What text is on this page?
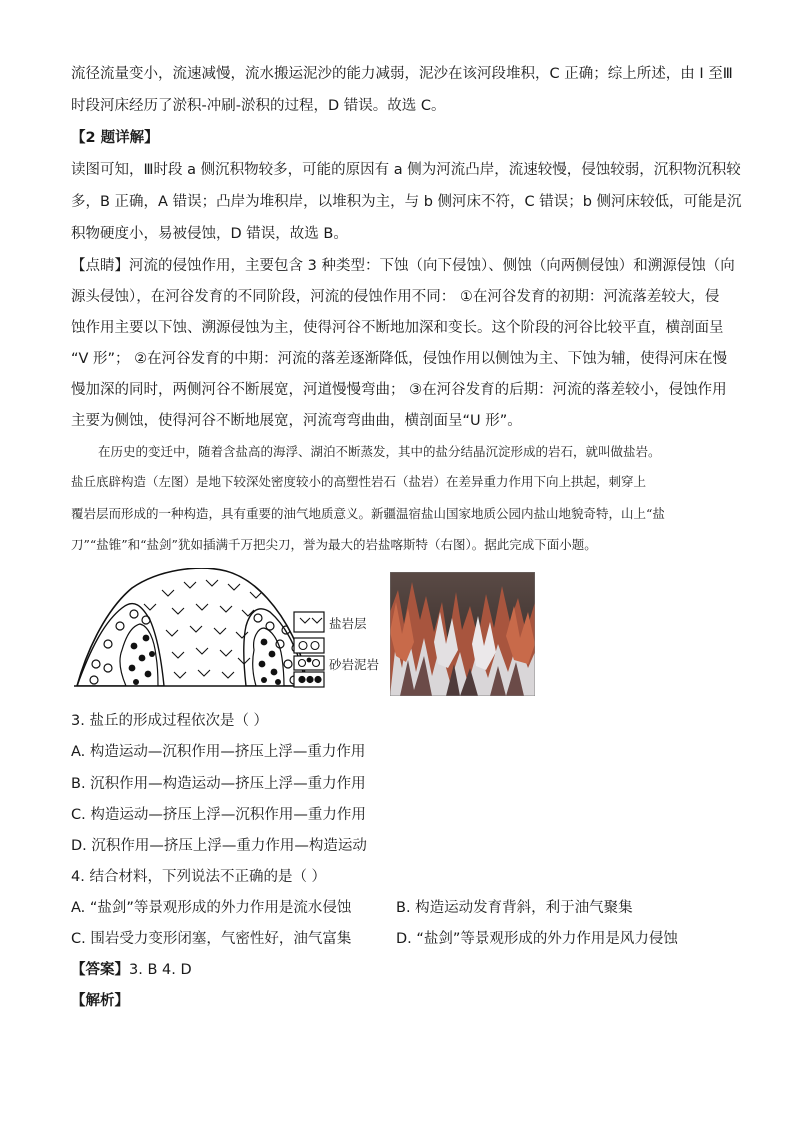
流径流量变小，流速减慢，流水搬运泥沙的能力减弱，泥沙在该河段堆积，C 正确；综上所述，由 I 至Ⅲ
时段河床经历了淤积-冲刷-淤积的过程，D 错误。故选 C。
【2 题详解】
读图可知，Ⅲ时段 a 侧沉积物较多，可能的原因有 a 侧为河流凸岸，流速较慢，侵蚀较弱，沉积物沉积较
多，B 正确，A 错误；凸岸为堆积岸，以堆积为主，与 b 侧河床不符，C 错误；b 侧河床较低，可能是沉
积物硬度小，易被侵蚀，D 错误，故选 B。
【点睛】河流的侵蚀作用，主要包含 3 种类型：下蚀（向下侵蚀）、侧蚀（向两侧侵蚀）和溯源侵蚀（向
源头侵蚀），在河谷发育的不同阶段，河流的侵蚀作用不同： ①在河谷发育的初期：河流落差较大，侵
蚀作用主要以下蚀、溯源侵蚀为主，使得河谷不断地加深和变长。这个阶段的河谷比较平直，横剖面呈
“V 形”； ②在河谷发育的中期：河流的落差逐渐降低，侵蚀作用以侧蚀为主、下蚀为辅，使得河床在慢
慢加深的同时，两侧河谷不断展宽，河道慢慢弯曲； ③在河谷发育的后期：河流的落差较小，侵蚀作用
主要为侧蚀，使得河谷不断地展宽，河流弯弯曲曲，横剖面呈“U 形”。
在历史的变迁中，随着含盐高的海浮、湖泊不断蒸发，其中的盐分结晶沉淀形成的岩石，就叫做盐岩。
盐丘底辟构造（左图）是地下较深处密度较小的高塑性岩石（盐岩）在差异重力作用下向上拱起，刺穿上
覆岩层而形成的一种构造，具有重要的油气地质意义。新疆温宿盐山国家地质公园内盐山地貌奇特，山上“盐
刀”“盐锥”和“盐剑”犹如插满千万把尖刀，誉为最大的岩盐喀斯特（右图）。据此完成下面小题。
盐岩层
砂岩泥岩
3. 盐丘的形成过程依次是（ ）
A. 构造运动—沉积作用—挤压上浮—重力作用
B. 沉积作用—构造运动—挤压上浮—重力作用
C. 构造运动—挤压上浮—沉积作用—重力作用
D. 沉积作用—挤压上浮—重力作用—构造运动
4. 结合材料，下列说法不正确的是（ ）
A. “盐剑”等景观形成的外力作用是流水侵蚀	B. 构造运动发育背斜，利于油气聚集
C. 围岩受力变形闭塞，气密性好，油气富集	D. “盐剑”等景观形成的外力作用是风力侵蚀
【答案】3. B 4. D
【解析】
